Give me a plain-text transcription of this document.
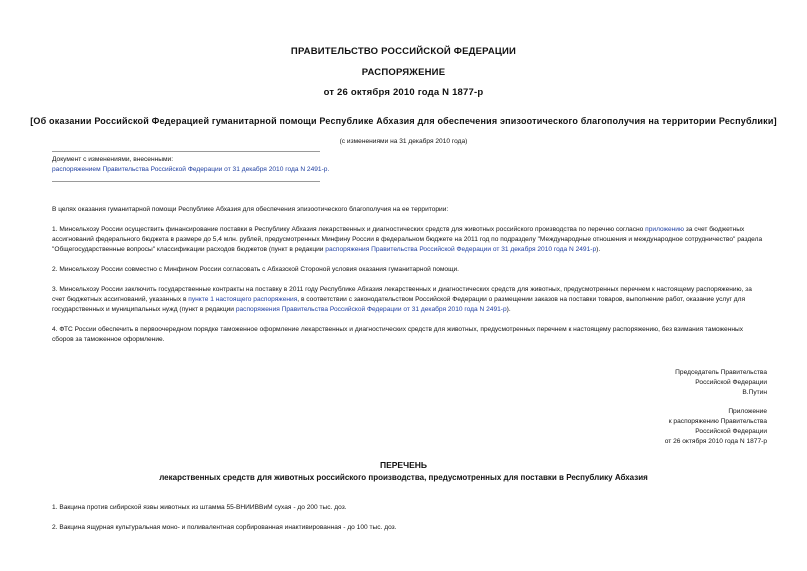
ПРАВИТЕЛЬСТВО РОССИЙСКОЙ ФЕДЕРАЦИИ
РАСПОРЯЖЕНИЕ
от 26 октября 2010 года N 1877-р
[Об оказании Российской Федерацией гуманитарной помощи Республике Абхазия для обеспечения эпизоотического благополучия на территории Республики]
(с изменениями на 31 декабря 2010 года)
Документ с изменениями, внесенными:
распоряжением Правительства Российской Федерации от 31 декабря 2010 года N 2491-р.
В целях оказания гуманитарной помощи Республике Абхазия для обеспечения эпизоотического благополучия на ее территории:
1. Минсельхозу России осуществить финансирование поставки в Республику Абхазия лекарственных и диагностических средств для животных российского производства по перечню согласно приложению за счет бюджетных ассигнований федерального бюджета в размере до 5,4 млн. рублей, предусмотренных Минфину России в федеральном бюджете на 2011 год по подразделу "Международные отношения и международное сотрудничество" раздела "Общегосударственные вопросы" классификации расходов бюджетов (пункт в редакции распоряжения Правительства Российской Федерации от 31 декабря 2010 года N 2491-р).
2. Минсельхозу России совместно с Минфином России согласовать с Абхазской Стороной условия оказания гуманитарной помощи.
3. Минсельхозу России заключить государственные контракты на поставку в 2011 году Республике Абхазия лекарственных и диагностических средств для животных, предусмотренных перечнем к настоящему распоряжению, за счет бюджетных ассигнований, указанных в пункте 1 настоящего распоряжения, в соответствии с законодательством Российской Федерации о размещении заказов на поставки товаров, выполнение работ, оказание услуг для государственных и муниципальных нужд (пункт в редакции распоряжения Правительства Российской Федерации от 31 декабря 2010 года N 2491-р).
4. ФТС России обеспечить в первоочередном порядке таможенное оформление лекарственных и диагностических средств для животных, предусмотренных перечнем к настоящему распоряжению, без взимания таможенных сборов за таможенное оформление.
Председатель Правительства
Российской Федерации
В.Путин
Приложение
к распоряжению Правительства
Российской Федерации
от 26 октября 2010 года N 1877-р
ПЕРЕЧЕНЬ
лекарственных средств для животных российского производства, предусмотренных для поставки в Республику Абхазия
1. Вакцина против сибирской язвы животных из штамма 55-ВНИИВВиМ сухая - до 200 тыс. доз.
2. Вакцина ящурная культуральная моно- и поливалентная сорбированная инактивированная - до 100 тыс. доз.
